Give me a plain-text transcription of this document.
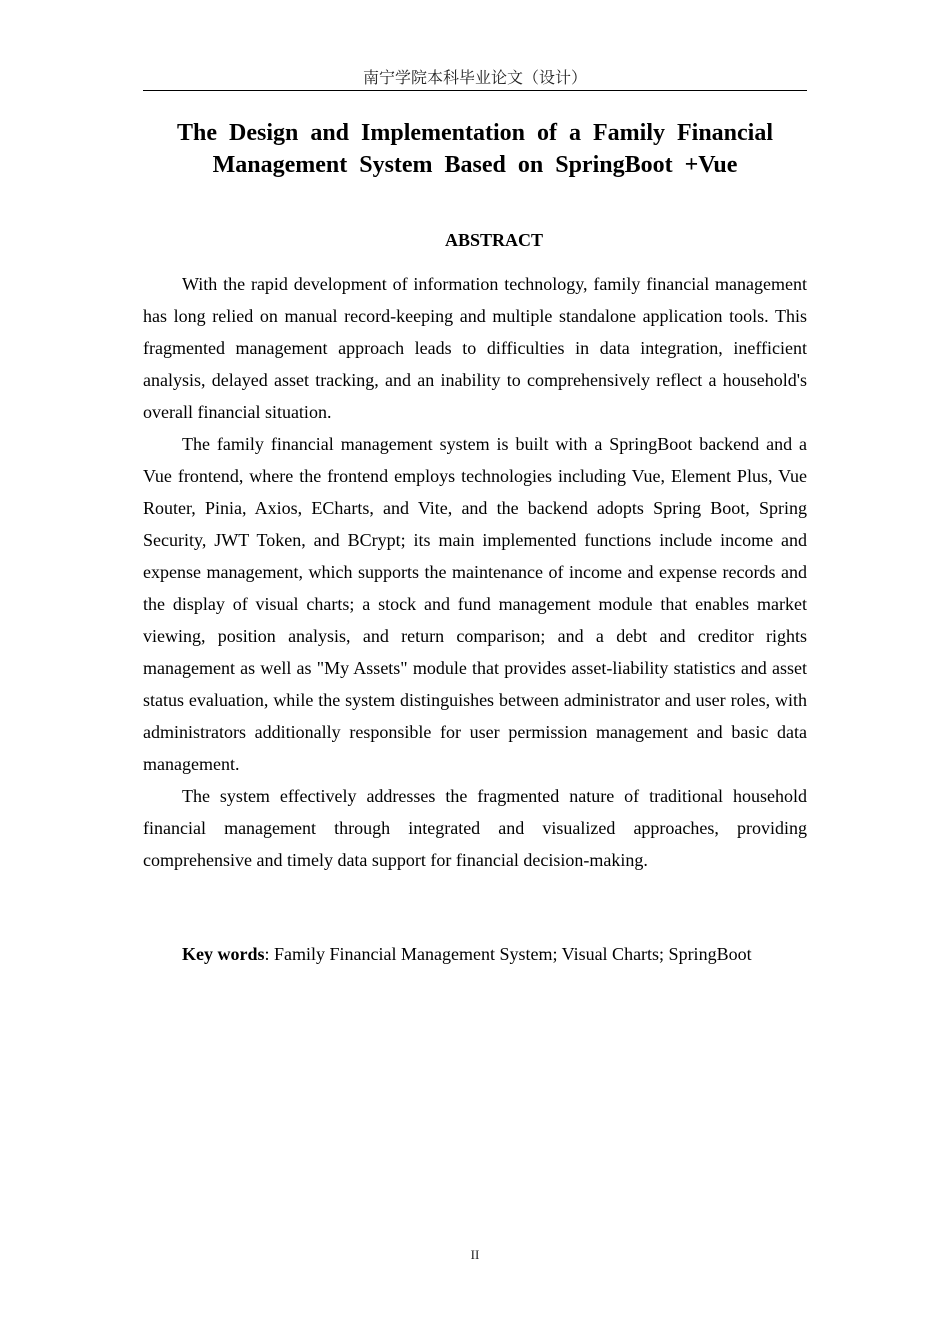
南宁学院本科毕业论文（设计）
The Design and Implementation of a Family Financial Management System Based on SpringBoot +Vue
ABSTRACT

With the rapid development of information technology, family financial management has long relied on manual record-keeping and multiple standalone application tools. This fragmented management approach leads to difficulties in data integration, inefficient analysis, delayed asset tracking, and an inability to comprehensively reflect a household's overall financial situation.

The family financial management system is built with a SpringBoot backend and a Vue frontend, where the frontend employs technologies including Vue, Element Plus, Vue Router, Pinia, Axios, ECharts, and Vite, and the backend adopts Spring Boot, Spring Security, JWT Token, and BCrypt; its main implemented functions include income and expense management, which supports the maintenance of income and expense records and the display of visual charts; a stock and fund management module that enables market viewing, position analysis, and return comparison; and a debt and creditor rights management as well as "My Assets" module that provides asset-liability statistics and asset status evaluation, while the system distinguishes between administrator and user roles, with administrators additionally responsible for user permission management and basic data management.

The system effectively addresses the fragmented nature of traditional household financial management through integrated and visualized approaches, providing comprehensive and timely data support for financial decision-making.

Key words: Family Financial Management System; Visual Charts; SpringBoot

II
